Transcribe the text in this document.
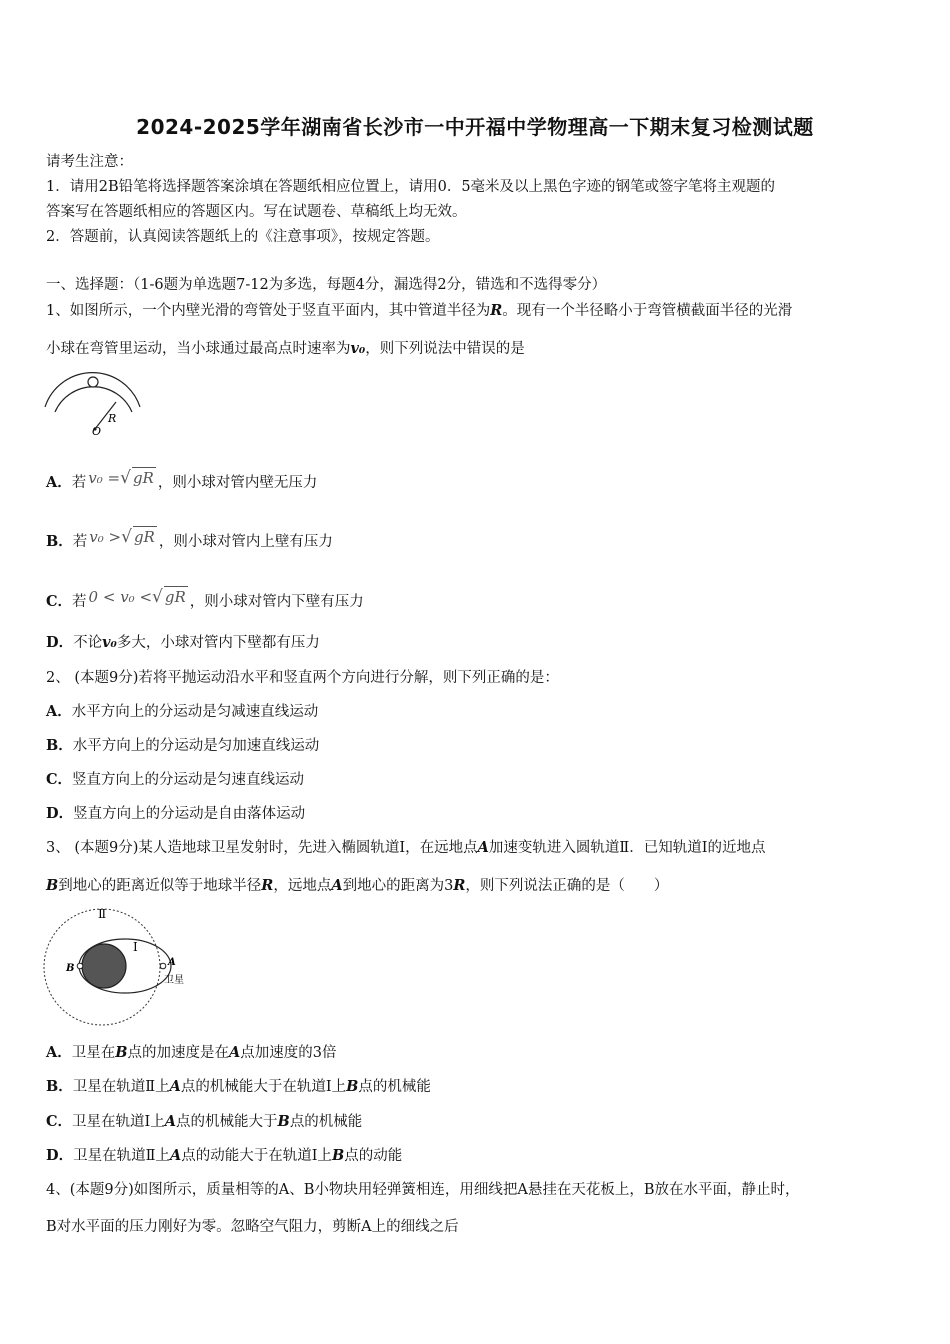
2024-2025学年湖南省长沙市一中开福中学物理高一下期末复习检测试题
请考生注意：
1．请用2B铅笔将选择题答案涂填在答题纸相应位置上，请用0．5毫米及以上黑色字迹的钢笔或签字笔将主观题的
答案写在答题纸相应的答题区内。写在试题卷、草稿纸上均无效。
2．答题前，认真阅读答题纸上的《注意事项》，按规定答题。
一、选择题：（1-6题为单选题7-12为多选，每题4分，漏选得2分，错选和不选得零分）
1、如图所示，一个内壁光滑的弯管处于竖直平面内，其中管道半径为R。现有一个半径略小于弯管横截面半径的光滑
小球在弯管里运动，当小球通过最高点时速率为v₀，则下列说法中错误的是
R
O
A．若 v₀ =√ gR ，则小球对管内壁无压力
B．若 v₀ >√ gR ，则小球对管内上壁有压力
C．若 0 < v₀ <√ gR ，则小球对管内下壁有压力
D．不论v₀多大，小球对管内下壁都有压力
2、 (本题9分)若将平抛运动沿水平和竖直两个方向进行分解，则下列正确的是：
A．水平方向上的分运动是匀减速直线运动
B．水平方向上的分运动是匀加速直线运动
C．竖直方向上的分运动是匀速直线运动
D．竖直方向上的分运动是自由落体运动
3、 (本题9分)某人造地球卫星发射时，先进入椭圆轨道Ⅰ，在远地点A加速变轨进入圆轨道Ⅱ．已知轨道Ⅰ的近地点
B到地心的距离近似等于地球半径R，远地点A到地心的距离为3R，则下列说法正确的是（　　）
Ⅱ
Ⅰ
B
A
卫星
A．卫星在B点的加速度是在A点加速度的3倍
B．卫星在轨道Ⅱ上A点的机械能大于在轨道Ⅰ上B点的机械能
C．卫星在轨道Ⅰ上A点的机械能大于B点的机械能
D．卫星在轨道Ⅱ上A点的动能大于在轨道Ⅰ上B点的动能
4、(本题9分)如图所示，质量相等的A、B小物块用轻弹簧相连，用细线把A悬挂在天花板上，B放在水平面，静止时，
B对水平面的压力刚好为零。忽略空气阻力，剪断A上的细线之后
